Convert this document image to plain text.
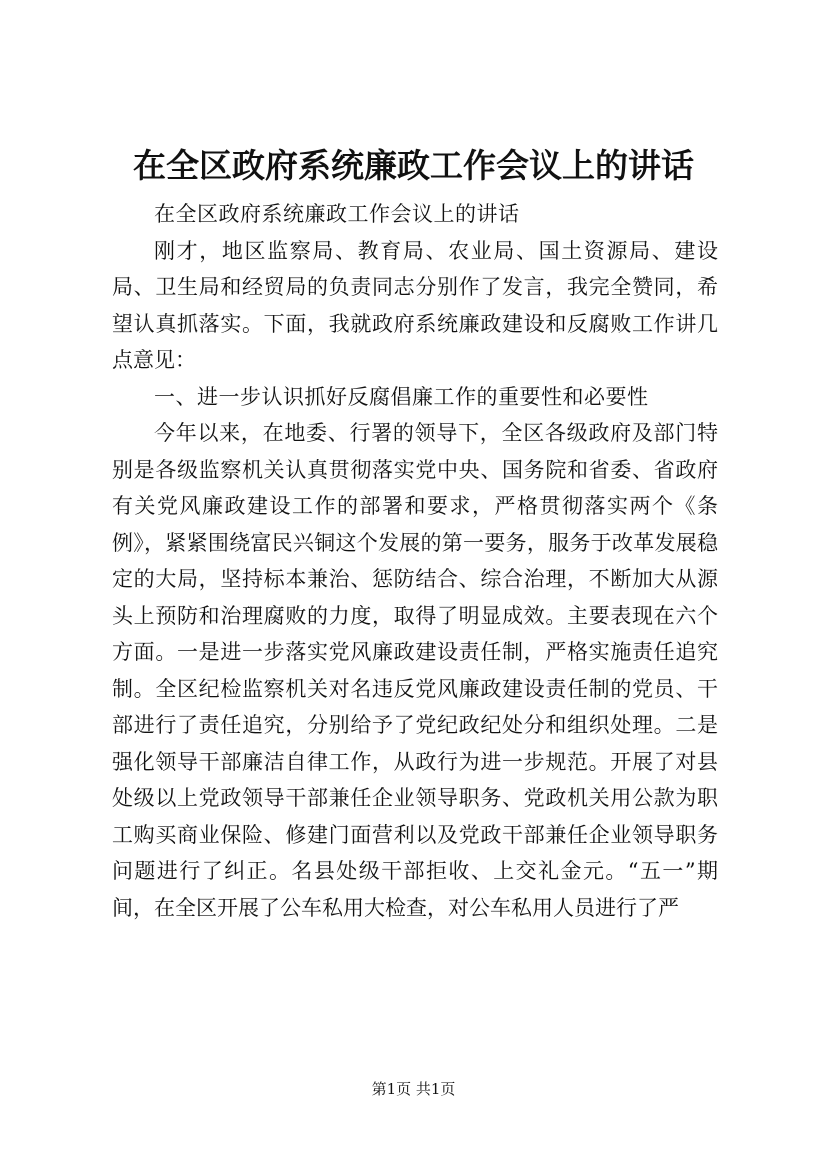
在全区政府系统廉政工作会议上的讲话

在全区政府系统廉政工作会议上的讲话

刚才，地区监察局、教育局、农业局、国土资源局、建设局、卫生局和经贸局的负责同志分别作了发言，我完全赞同，希望认真抓落实。下面，我就政府系统廉政建设和反腐败工作讲几点意见：

一、进一步认识抓好反腐倡廉工作的重要性和必要性

今年以来，在地委、行署的领导下，全区各级政府及部门特别是各级监察机关认真贯彻落实党中央、国务院和省委、省政府有关党风廉政建设工作的部署和要求，严格贯彻落实两个《条例》，紧紧围绕富民兴铜这个发展的第一要务，服务于改革发展稳定的大局，坚持标本兼治、惩防结合、综合治理，不断加大从源头上预防和治理腐败的力度，取得了明显成效。主要表现在六个方面。一是进一步落实党风廉政建设责任制，严格实施责任追究制。全区纪检监察机关对名违反党风廉政建设责任制的党员、干部进行了责任追究，分别给予了党纪政纪处分和组织处理。二是强化领导干部廉洁自律工作，从政行为进一步规范。开展了对县处级以上党政领导干部兼任企业领导职务、党政机关用公款为职工购买商业保险、修建门面营利以及党政干部兼任企业领导职务问题进行了纠正。名县处级干部拒收、上交礼金元。“五一”期间，在全区开展了公车私用大检查，对公车私用人员进行了严

第1页 共1页
